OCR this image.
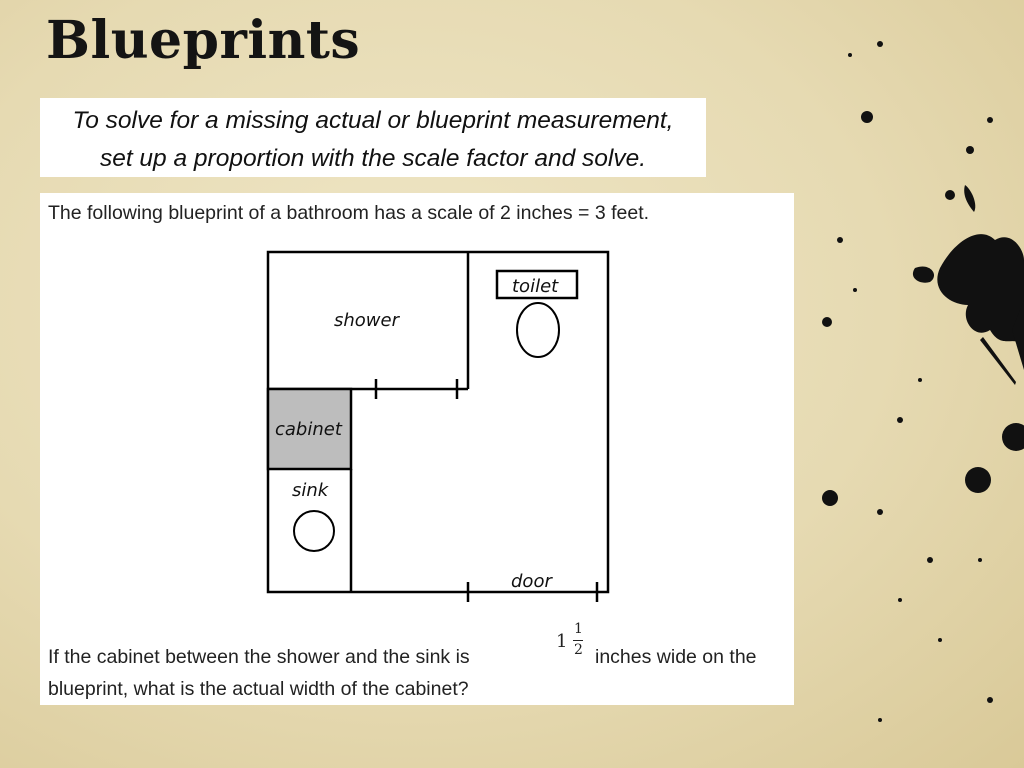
Blueprints
To solve for a missing actual or blueprint measurement,
set up a proportion with the scale factor and solve.
The following blueprint of a bathroom has a scale of 2 inches = 3 feet.
shower
toilet
cabinet
sink
door
If the cabinet between the shower and the sink is
1
1
2 inches wide on the
blueprint, what is the actual width of the cabinet?
